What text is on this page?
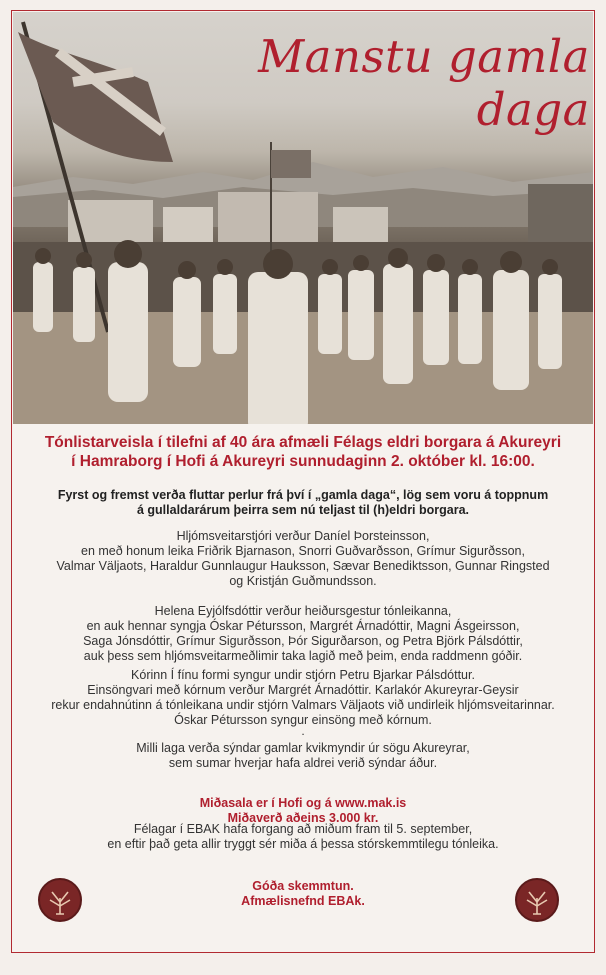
Manstu gamla daga
Tónlistarveisla í tilefni af 40 ára afmæli Félags eldri borgara á Akureyri
í Hamraborg í Hofi á Akureyri sunnudaginn 2. október kl. 16:00.
Fyrst og fremst verða fluttar perlur frá því í „gamla daga“, lög sem voru á toppnum
á gullaldarárum þeirra sem nú teljast til (h)eldri borgara.
Hljómsveitarstjóri verður Daníel Þorsteinsson,
en með honum leika Friðrik Bjarnason, Snorri Guðvarðsson, Grímur Sigurðsson,
Valmar Väljaots, Haraldur Gunnlaugur Hauksson, Sævar Benediktsson, Gunnar Ringsted
og Kristján Guðmundsson.
Helena Eyjólfsdóttir verður heiðursgestur tónleikanna,
en auk hennar syngja Óskar Pétursson, Margrét Árnadóttir, Magni Ásgeirsson,
Saga Jónsdóttir, Grímur Sigurðsson, Þór Sigurðarson, og Petra Björk Pálsdóttir,
auk þess sem hljómsveitarmeðlimir taka lagið með þeim, enda raddmenn góðir.
Kórinn Í fínu formi syngur undir stjórn Petru Bjarkar Pálsdóttur.
Einsöngvari með kórnum verður Margrét Árnadóttir. Karlakór Akureyrar-Geysir
rekur endahnútinn á tónleikana undir stjórn Valmars Väljaots við undirleik hljómsveitarinnar.
Óskar Pétursson syngur einsöng með kórnum.
.
Milli laga verða sýndar gamlar kvikmyndir úr sögu Akureyrar,
sem sumar hverjar hafa aldrei verið sýndar áður.
Miðasala er í Hofi og á www.mak.is
Miðaverð aðeins 3.000 kr.
Félagar í EBAK hafa forgang að miðum fram til 5. september,
en eftir það geta allir tryggt sér miða á þessa stórskemmtilegu tónleika.
Góða skemmtun.
Afmælisnefnd EBAk.
